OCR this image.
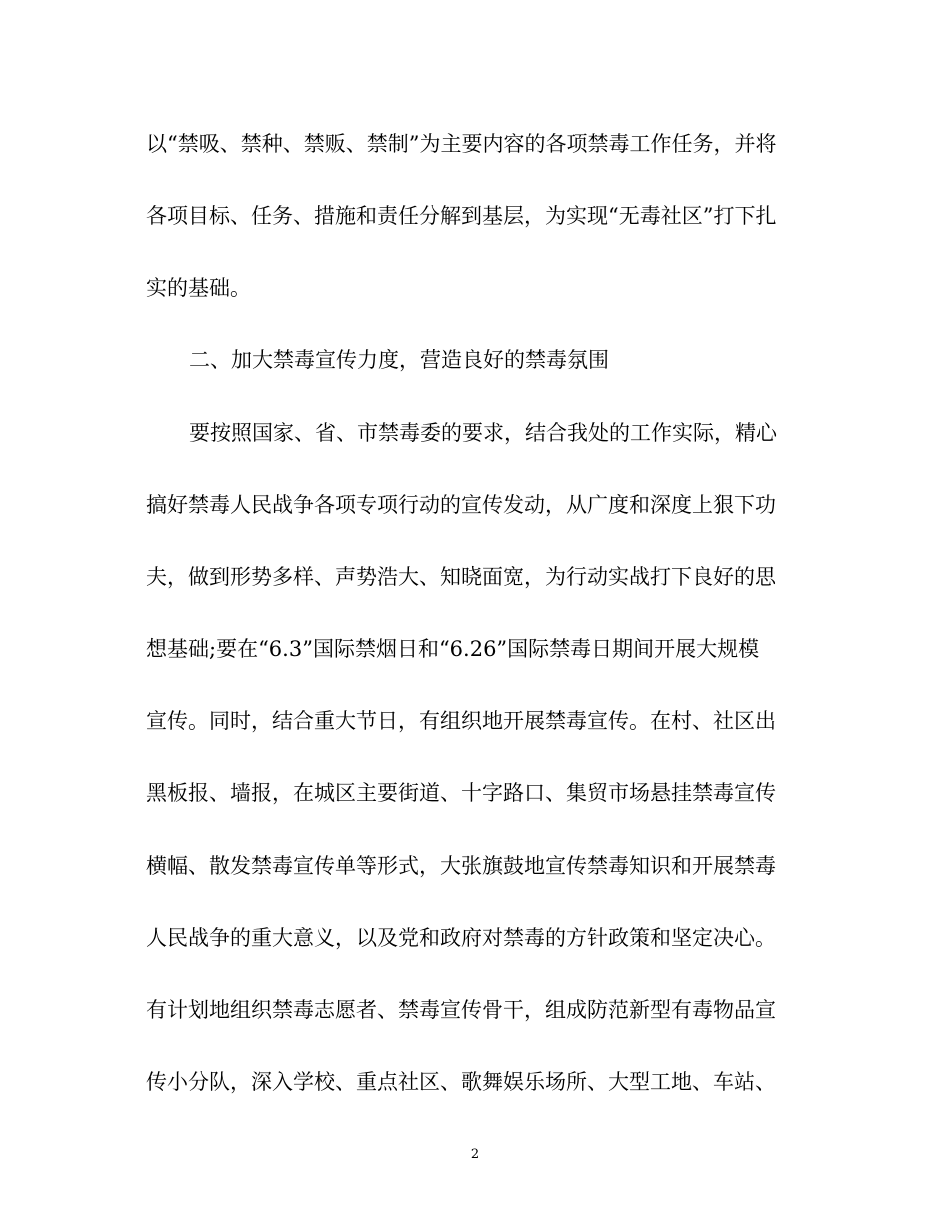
以“禁吸、禁种、禁贩、禁制”为主要内容的各项禁毒工作任务，并将
各项目标、任务、措施和责任分解到基层，为实现“无毒社区”打下扎
实的基础。
二、加大禁毒宣传力度，营造良好的禁毒氛围
要按照国家、省、市禁毒委的要求，结合我处的工作实际，精心
搞好禁毒人民战争各项专项行动的宣传发动，从广度和深度上狠下功
夫，做到形势多样、声势浩大、知晓面宽，为行动实战打下良好的思
想基础;要在“6.3”国际禁烟日和“6.26”国际禁毒日期间开展大规模
宣传。同时，结合重大节日，有组织地开展禁毒宣传。在村、社区出
黑板报、墙报，在城区主要街道、十字路口、集贸市场悬挂禁毒宣传
横幅、散发禁毒宣传单等形式，大张旗鼓地宣传禁毒知识和开展禁毒
人民战争的重大意义，以及党和政府对禁毒的方针政策和坚定决心。
有计划地组织禁毒志愿者、禁毒宣传骨干，组成防范新型有毒物品宣
传小分队，深入学校、重点社区、歌舞娱乐场所、大型工地、车站、
2
